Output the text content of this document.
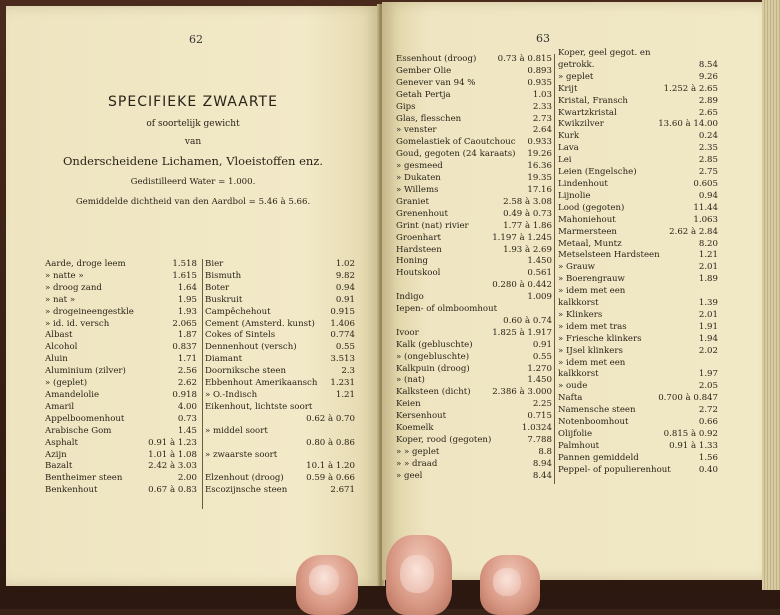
62
SPECIFIEKE ZWAARTE
of soortelijk gewicht
van
Onderscheidene Lichamen, Vloeistoffen enz.
Gedistilleerd Water = 1.000.
Gemiddelde dichtheid van den Aardbol = 5.46 à 5.66.
Aarde, droge leem	1.518
» natte »	1.615
» droog zand	1.64
» nat »	1.95
» drogeineengestkle	1.93
» id. id. versch	2.065
Albast	1.87
Alcohol	0.837
Aluin	1.71
Aluminium (zilver)	2.56
» (geplet)	2.62
Amandelolie	0.918
Amaril	4.00
Appelboomenhout	0.73
Arabische Gom	1.45
Asphalt	0.91 à 1.23
Azijn	1.01 à 1.08
Bazalt	2.42 à 3.03
Bentheimer steen	2.00
Benkenhout	0.67 à 0.83
Bier	1.02
Bismuth	9.82
Boter	0.94
Buskruit	0.91
Campêchehout	0.915
Cement (Amsterd. kunst)	1.406
Cokes of Sintels	0.774
Dennenhout (versch)	0.55
Diamant	3.513
Doorniksche steen	2.3
Ebbenhout Amerikaansch	1.231
» O.-Indisch	1.21
Eikenhout, lichtste soort
0.62 à 0.70
» middel soort
0.80 à 0.86
» zwaarste soort
10.1 à 1.20
Elzenhout (droog)	0.59 à 0.66
Escozijnsche steen	2.671
63
Essenhout (droog)	0.73 à 0.815
Gember Olie	0.893
Genever van 94 %	0.935
Getah Pertja	1.03
Gips	2.33
Glas, flesschen	2.73
» venster	2.64
Gomelastiek of Caoutchouc	0.933
Goud, gegoten (24 karaats)	19.26
» gesmeed	16.36
» Dukaten	19.35
» Willems	17.16
Graniet	2.58 à 3.08
Grenenhout	0.49 à 0.73
Grint (nat) rivier	1.77 à 1.86
Groenhart	1.197 à 1.245
Hardsteen	1.93 à 2.69
Honing	1.450
Houtskool	0.561
0.280 à 0.442
Indigo	1.009
Iepen- of olmboomhout
0.60 à 0.74
Ivoor	1.825 à 1.917
Kalk (gebluschte)	0.91
» (ongebluschte)	0.55
Kalkpuin (droog)	1.270
» (nat)	1.450
Kalksteen (dicht)	2.386 à 3.000
Keien	2.25
Kersenhout	0.715
Koemelk	1.0324
Koper, rood (gegoten)	7.788
» » geplet	8.8
» » draad	8.94
» geel	8.44
Koper, geel gegot. en
getrokk.	8.54
» geplet	9.26
Krijt	1.252 à 2.65
Kristal, Fransch	2.89
Kwartzkristal	2.65
Kwikzilver	13.60 à 14.00
Kurk	0.24
Lava	2.35
Lei	2.85
Leien (Engelsche)	2.75
Lindenhout	0.605
Lijnolie	0.94
Lood (gegoten)	11.44
Mahoniehout	1.063
Marmersteen	2.62 à 2.84
Metaal, Muntz	8.20
Metselsteen Hardsteen	1.21
» Grauw	2.01
» Boerengrauw	1.89
» idem met een
kalkkorst	1.39
» Klinkers	2.01
» idem met tras	1.91
» Friesche klinkers	1.94
» IJsel klinkers	2.02
» idem met een
kalkkorst	1.97
» oude	2.05
Nafta	0.700 à 0.847
Namensche steen	2.72
Notenboomhout	0.66
Olijfolie	0.815 à 0.92
Palmhout	0.91 à 1.33
Pannen gemiddeld	1.56
Peppel- of populierenhout	0.40
